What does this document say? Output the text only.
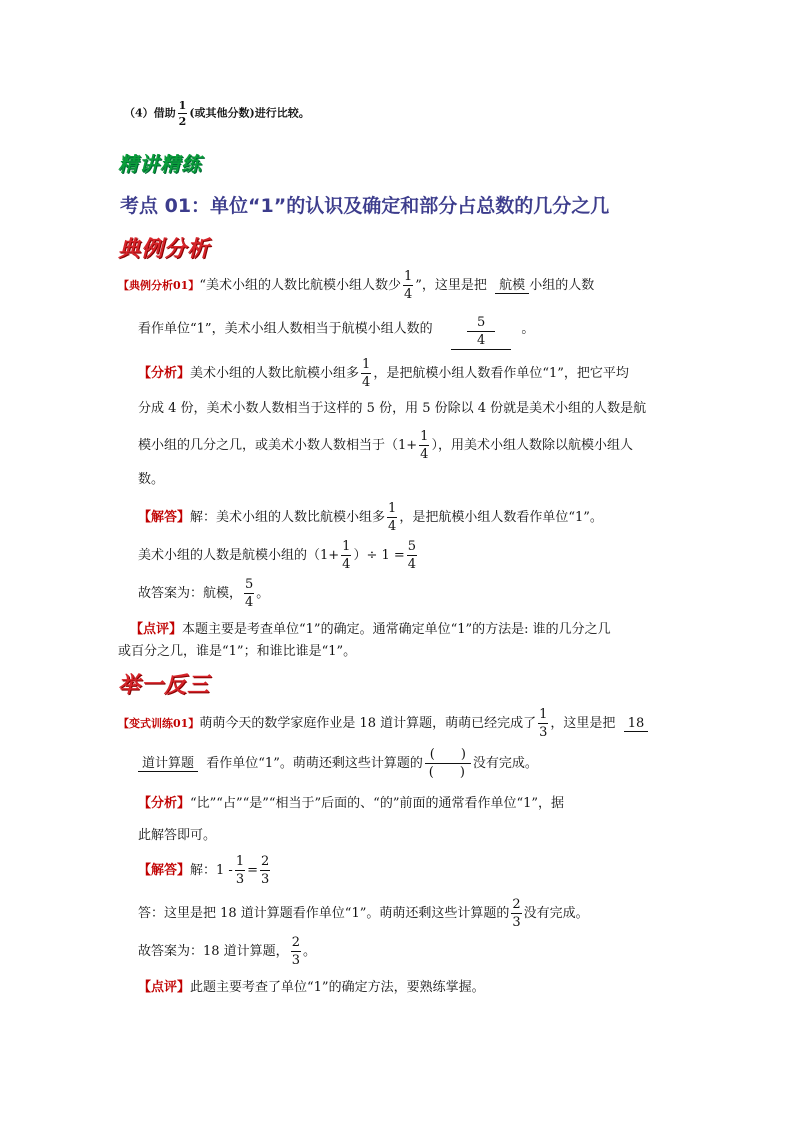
（4）借助 $\frac{1}{2}$ (或其他分数)进行比较。
精讲精练
考点 01：单位“1”的认识及确定和部分占总数的几分之几
典例分析
【典例分析01】“美术小组的人数比航模小组人数少 $\frac{1}{4}$ ”，这里是把 航模 小组的人数
看作单位“1”，美术小组人数相当于航模小组人数的 $\frac{5}{4}$ 。
【分析】美术小组的人数比航模小组多 $\frac{1}{4}$ ，是把航模小组人数看作单位“1”，把它平均
分成 4 份，美术小数人数相当于这样的 5 份，用 5 份除以 4 份就是美术小组的人数是航
模小组的几分之几，或美术小数人数相当于（$1+ \frac{1}{4}$ ），用美术小组人数除以航模小组人
数。
【解答】解：美术小组的人数比航模小组多 $\frac{1}{4}$ ，是把航模小组人数看作单位“1”。
美术小组的人数是航模小组的（$1+ \frac{1}{4}$ ）÷ $1 = \frac{5}{4}$
故答案为：航模， $\frac{5}{4}$ 。
【点评】本题主要是考查单位“1”的确定。通常确定单位“1”的方法是: 谁的几分之几
或百分之几，谁是“1”；和谁比谁是“1”。
举一反三
【变式训练01】萌萌今天的数学家庭作业是 18 道计算题，萌萌已经完成了 $\frac{1}{3}$ ，这里是把 18
道计算题 看作单位“1”。萌萌还剩这些计算题的 $\frac{( )}{( )}$ 没有完成。
【分析】“比”“占”“是”“相当于”后面的、“的”前面的通常看作单位“1”，据
此解答即可。
【解答】解：$1 - \frac{1}{3} = \frac{2}{3}$
答：这里是把 18 道计算题看作单位“1”。萌萌还剩这些计算题的 $\frac{2}{3}$ 没有完成。
故答案为：18 道计算题， $\frac{2}{3}$ 。
【点评】此题主要考查了单位“1”的确定方法，要熟练掌握。
